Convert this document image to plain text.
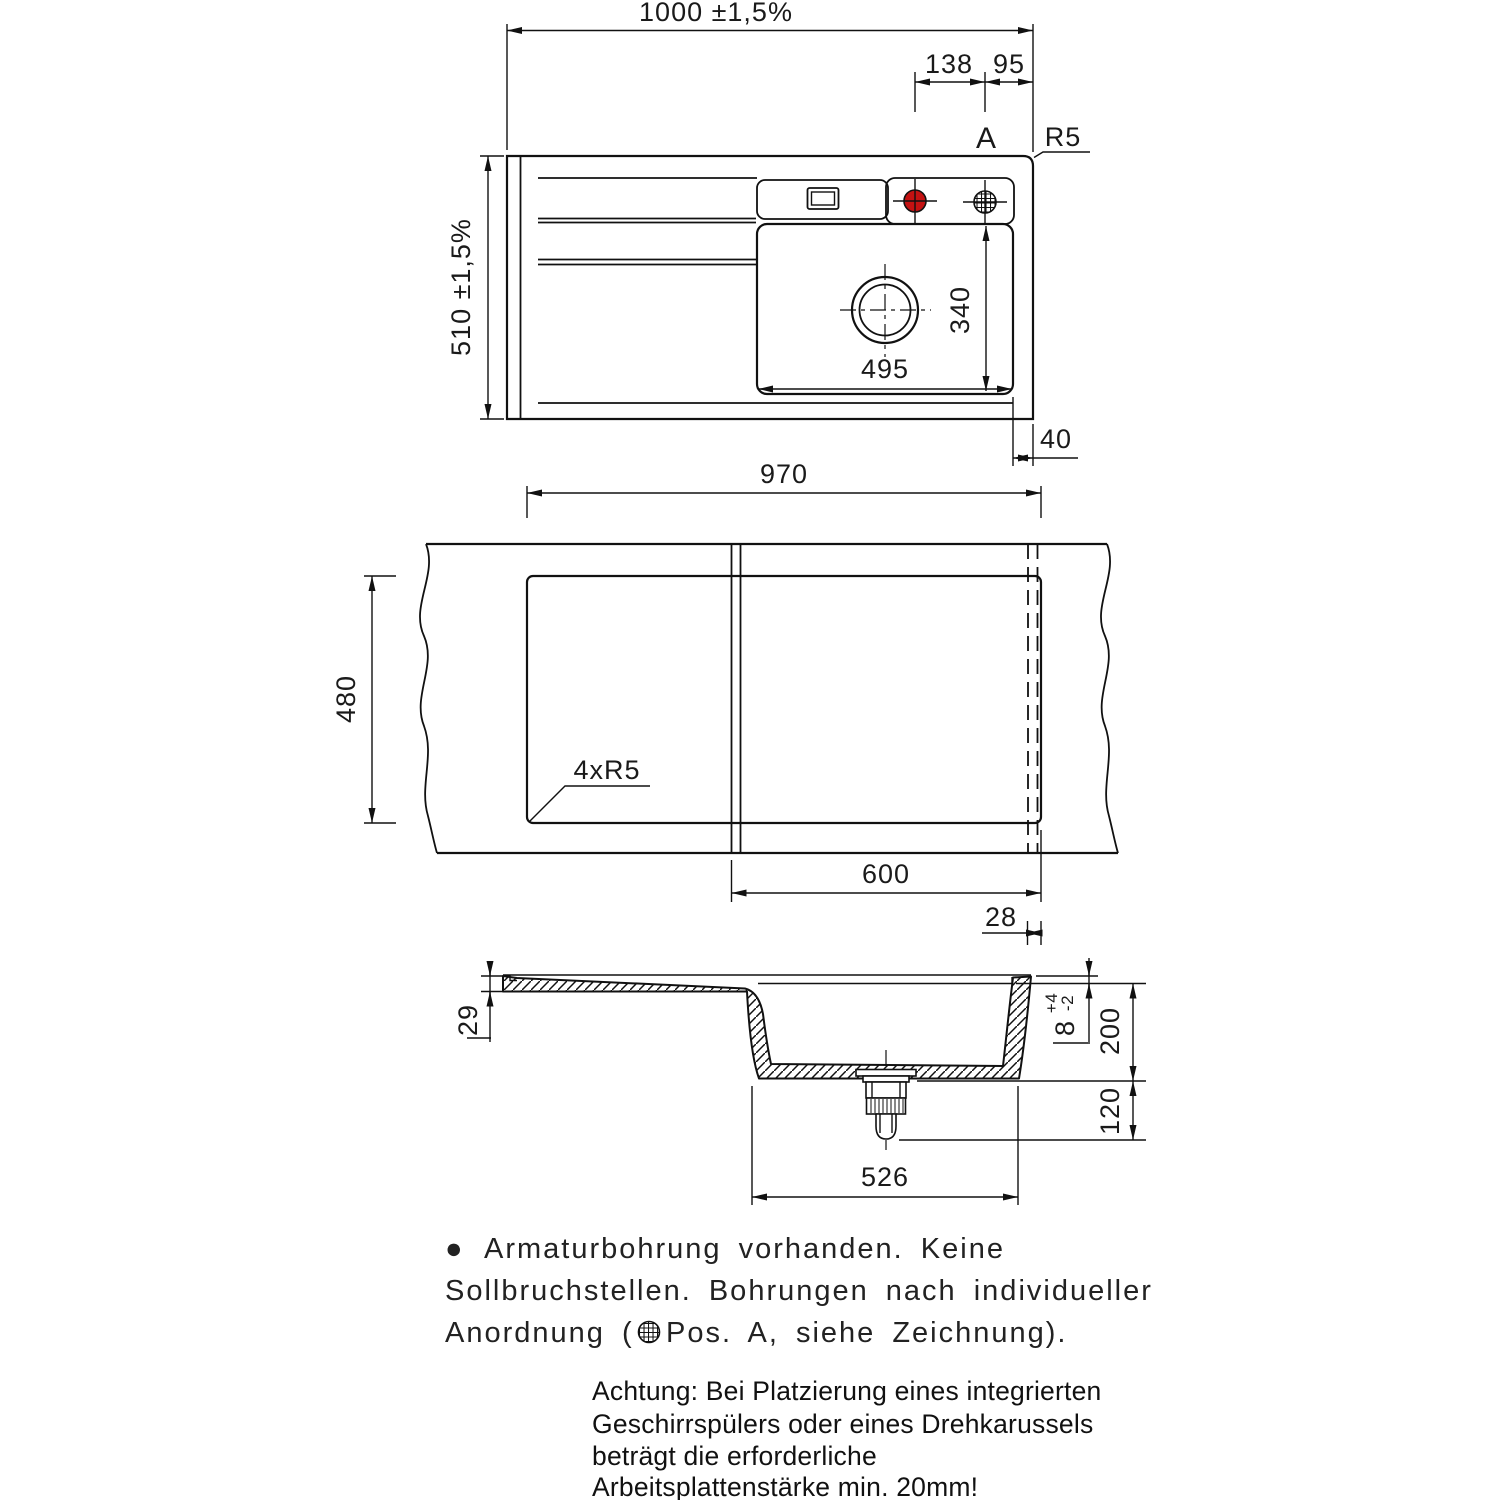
1000 ±1,5%
138 95
510 ±1,5%	340
495
40
A R5
970
480
4xR5
600
28
29	8
+4
-2
200
120
526
● Armaturbohrung vorhanden. Keine
Sollbruchstellen. Bohrungen nach individueller
Anordnung ( Pos. A, siehe Zeichnung).
Achtung: Bei Platzierung eines integrierten
Geschirrspülers oder eines Drehkarussels
beträgt die erforderliche
Arbeitsplattenstärke min. 20mm!
